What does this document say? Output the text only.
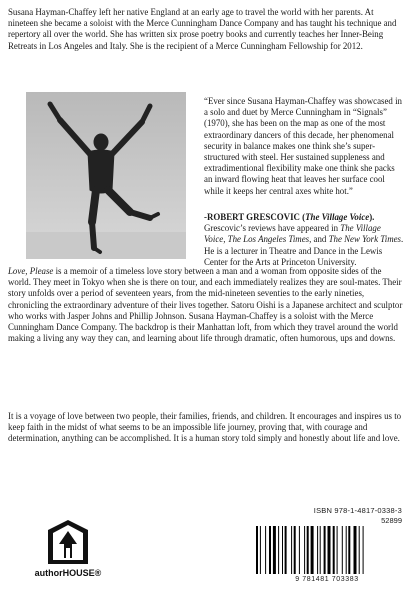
Susana Hayman-Chaffey left her native England at an early age to travel the world with her parents. At nineteen she became a soloist with the Merce Cunningham Dance Company and has taught his technique and repertory all over the world. She has written six prose poetry books and currently teaches her Inner-Being Retreats in Los Angeles and Italy. She is the recipient of a Merce Cunningham Fellowship for 2012.

“Ever since Susana Hayman-Chaffey was showcased in a solo and duet by Merce Cunningham in “Signals” (1970), she has been on the map as one of the most extraordinary dancers of this decade, her phenomenal security in balance makes one think she’s super-structured with steel. Her sustained suppleness and extradimentional flexibility make one think she packs an inward flowing heat that leaves her surface cool while it keeps her central axes white hot.”

-ROBERT GRESCOVIC (The Village Voice). Grescovic’s reviews have appeared in The Village Voice, The Los Angeles Times, and The New York Times. He is a lecturer in Theatre and Dance in the Lewis Center for the Arts at Princeton University.

Love, Please is a memoir of a timeless love story between a man and a woman from opposite sides of the world. They meet in Tokyo when she is there on tour, and each immediately realizes they are soul-mates. Their story unfolds over a period of seventeen years, from the mid-nineteen seventies to the early nineties, chronicling the extraordinary adventure of their lives together. Satoru Oishi is a Japanese architect and sculptor who works with Jasper Johns and Phillip Johnson. Susana Hayman-Chaffey is a soloist with the Merce Cunningham Dance Company. The backdrop is their Manhattan loft, from which they travel around the world making a living any way they can, and learning about life through dramatic, often humorous, ups and downs.

It is a voyage of love between two people, their families, friends, and children. It encourages and inspires us to keep faith in the midst of what seems to be an impossible life journey, proving that, with courage and determination, anything can be accomplished. It is a human story told simply and honestly about life and love.

authorHOUSE®
ISBN 978-1-4817-0338-3
52899
9 781481 703383
